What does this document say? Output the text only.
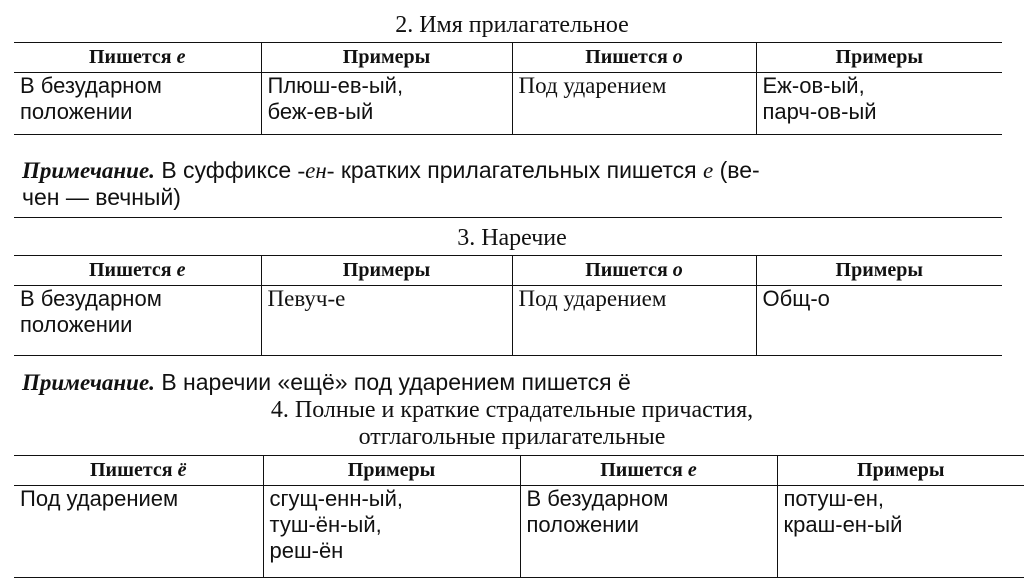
2. Имя прилагательное
Пишется е	Примеры	Пишется о	Примеры

В безударном
положении	Плюш-ев-ый,
беж-ев-ый	Под ударением	Еж-ов-ый,
парч-ов-ый
Примечание. В суффиксе -ен- кратких прилагательных пишется е (ве-
чен — вечный)
3. Наречие
Пишется е	Примеры	Пишется о	Примеры

В безударном
положении	Певуч-е	Под ударением	Общ-о
Примечание. В наречии «ещё» под ударением пишется ё
4. Полные и краткие страдательные причастия,
отглагольные прилагательные
Пишется ё	Примеры	Пишется е	Примеры

Под ударением	сгущ-енн-ый,
туш-ён-ый,
реш-ён	В безударном
положении	потуш-ен,
краш-ен-ый
